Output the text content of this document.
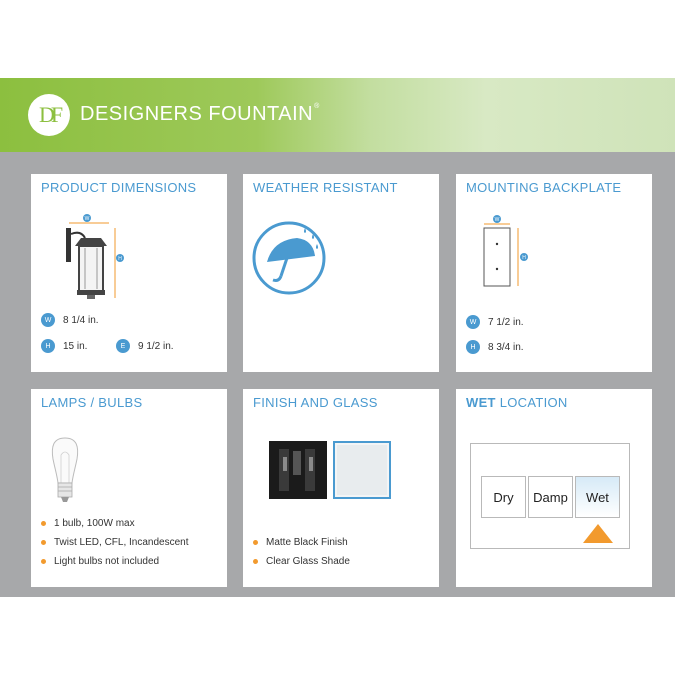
DF DESIGNERS FOUNTAIN®
PRODUCT DIMENSIONS
W
H
W	8 1/4 in.
H	15 in.	E	9 1/2 in.
WEATHER RESISTANT	MOUNTING BACKPLATE
W
H
W	7 1/2 in.
H	8 3/4 in.
LAMPS / BULBS
1 bulb, 100W max
Twist LED, CFL, Incandescent
Light bulbs not included
FINISH AND GLASS
Matte Black Finish
Clear Glass Shade
WET LOCATION
Dry	Damp	Wet
